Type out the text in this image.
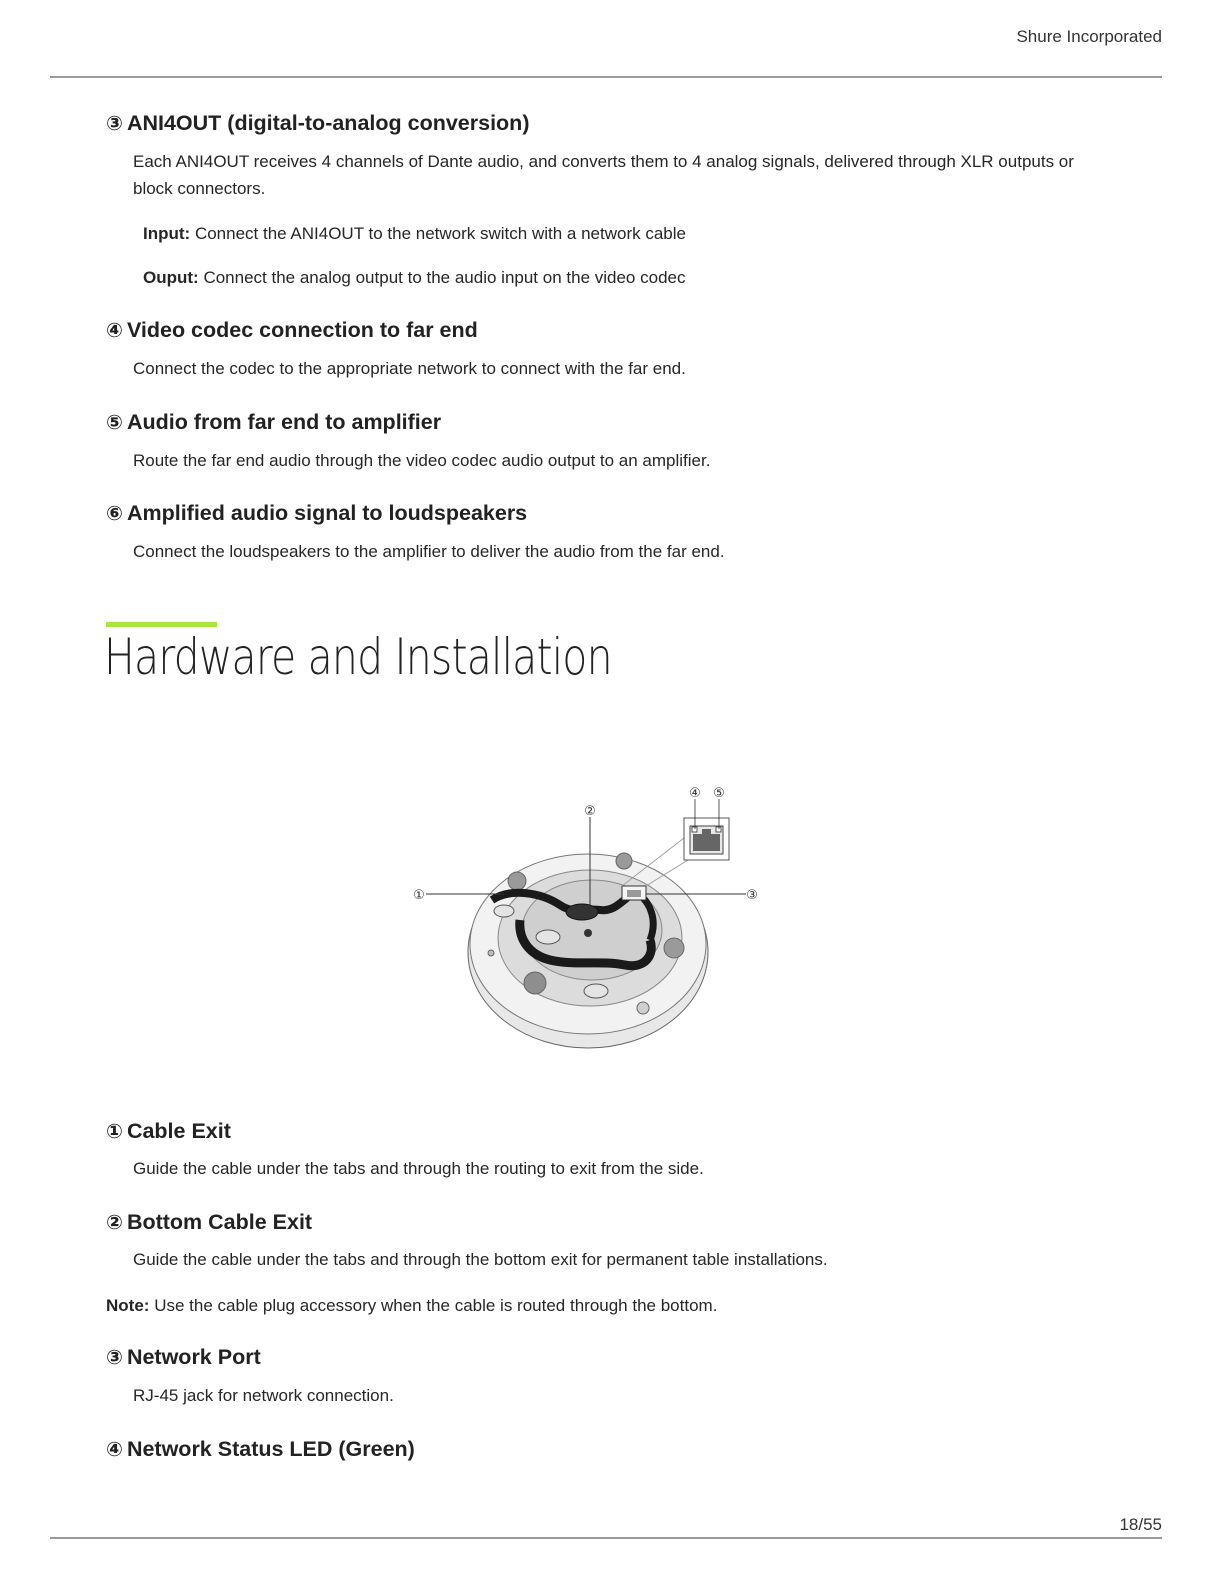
Shure Incorporated
③ ANI4OUT (digital-to-analog conversion)
Each ANI4OUT receives 4 channels of Dante audio, and converts them to 4 analog signals, delivered through XLR outputs or block connectors.
Input: Connect the ANI4OUT to the network switch with a network cable
Ouput: Connect the analog output to the audio input on the video codec
④ Video codec connection to far end
Connect the codec to the appropriate network to connect with the far end.
⑤ Audio from far end to amplifier
Route the far end audio through the video codec audio output to an amplifier.
⑥ Amplified audio signal to loudspeakers
Connect the loudspeakers to the amplifier to deliver the audio from the far end.
Hardware and Installation
①
②
③
④ ⑤
① Cable Exit
Guide the cable under the tabs and through the routing to exit from the side.
② Bottom Cable Exit
Guide the cable under the tabs and through the bottom exit for permanent table installations.
Note: Use the cable plug accessory when the cable is routed through the bottom.
③ Network Port
RJ-45 jack for network connection.
④ Network Status LED (Green)
18/55
